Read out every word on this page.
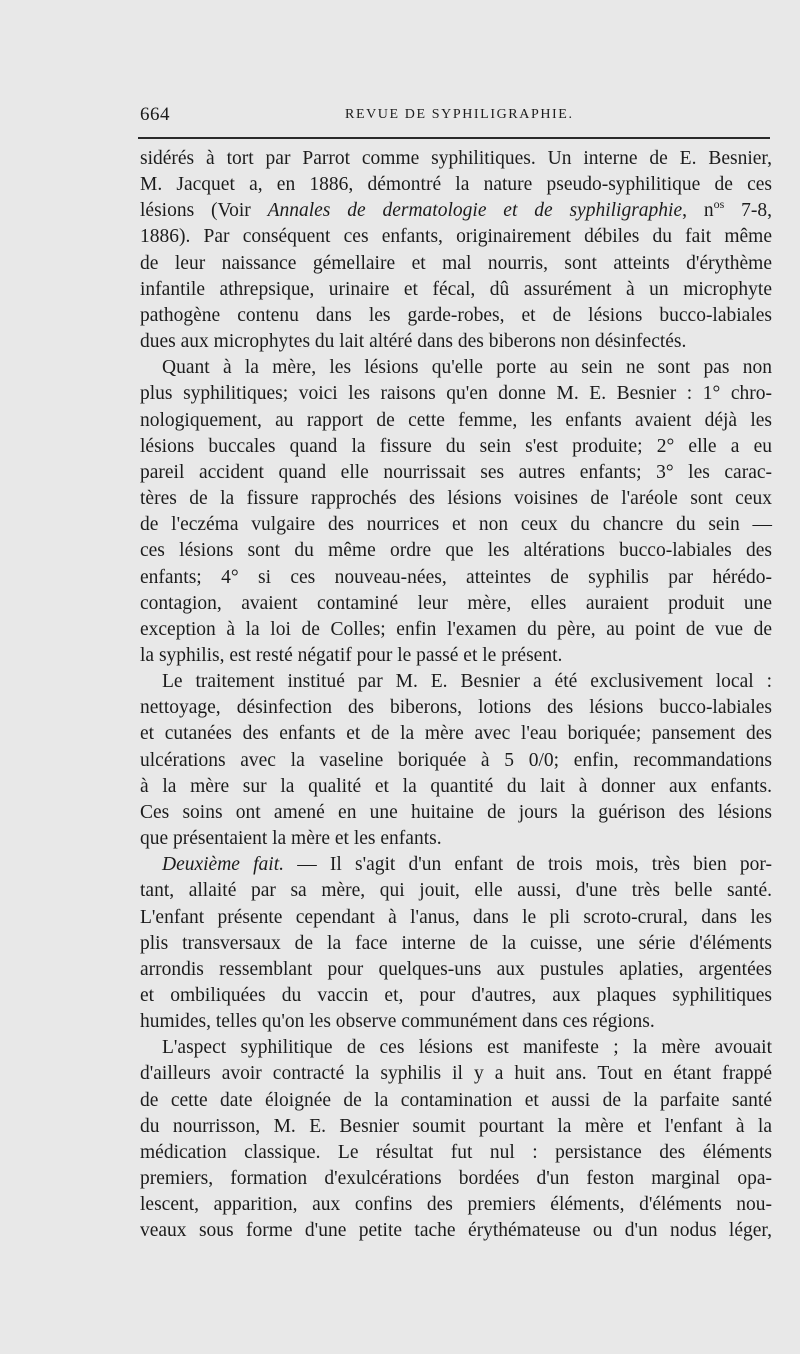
664	REVUE DE SYPHILIGRAPHIE.
sidérés à tort par Parrot comme syphilitiques. Un interne de E. Besnier,
M. Jacquet a, en 1886, démontré la nature pseudo-syphilitique de ces
lésions (Voir Annales de dermatologie et de syphiligraphie, $n^{os}$ 7-8,
1886). Par conséquent ces enfants, originairement débiles du fait même
de leur naissance gémellaire et mal nourris, sont atteints d'érythème
infantile athrepsique, urinaire et fécal, dû assurément à un microphyte
pathogène contenu dans les garde-robes, et de lésions bucco-labiales
dues aux microphytes du lait altéré dans des biberons non désinfectés.
Quant à la mère, les lésions qu'elle porte au sein ne sont pas non
plus syphilitiques; voici les raisons qu'en donne M. E. Besnier : 1° chro-
nologiquement, au rapport de cette femme, les enfants avaient déjà les
lésions buccales quand la fissure du sein s'est produite; 2° elle a eu
pareil accident quand elle nourrissait ses autres enfants; 3° les carac-
tères de la fissure rapprochés des lésions voisines de l'aréole sont ceux
de l'eczéma vulgaire des nourrices et non ceux du chancre du sein —
ces lésions sont du même ordre que les altérations bucco-labiales des
enfants; 4° si ces nouveau-nées, atteintes de syphilis par hérédo-
contagion, avaient contaminé leur mère, elles auraient produit une
exception à la loi de Colles; enfin l'examen du père, au point de vue de
la syphilis, est resté négatif pour le passé et le présent.
Le traitement institué par M. E. Besnier a été exclusivement local :
nettoyage, désinfection des biberons, lotions des lésions bucco-labiales
et cutanées des enfants et de la mère avec l'eau boriquée; pansement des
ulcérations avec la vaseline boriquée à 5 0/0; enfin, recommandations
à la mère sur la qualité et la quantité du lait à donner aux enfants.
Ces soins ont amené en une huitaine de jours la guérison des lésions
que présentaient la mère et les enfants.
Deuxième fait. — Il s'agit d'un enfant de trois mois, très bien por-
tant, allaité par sa mère, qui jouit, elle aussi, d'une très belle santé.
L'enfant présente cependant à l'anus, dans le pli scroto-crural, dans les
plis transversaux de la face interne de la cuisse, une série d'éléments
arrondis ressemblant pour quelques-uns aux pustules aplaties, argentées
et ombiliquées du vaccin et, pour d'autres, aux plaques syphilitiques
humides, telles qu'on les observe communément dans ces régions.
L'aspect syphilitique de ces lésions est manifeste ; la mère avouait
d'ailleurs avoir contracté la syphilis il y a huit ans. Tout en étant frappé
de cette date éloignée de la contamination et aussi de la parfaite santé
du nourrisson, M. E. Besnier soumit pourtant la mère et l'enfant à la
médication classique. Le résultat fut nul : persistance des éléments
premiers, formation d'exulcérations bordées d'un feston marginal opa-
lescent, apparition, aux confins des premiers éléments, d'éléments nou-
veaux sous forme d'une petite tache érythémateuse ou d'un nodus léger,
